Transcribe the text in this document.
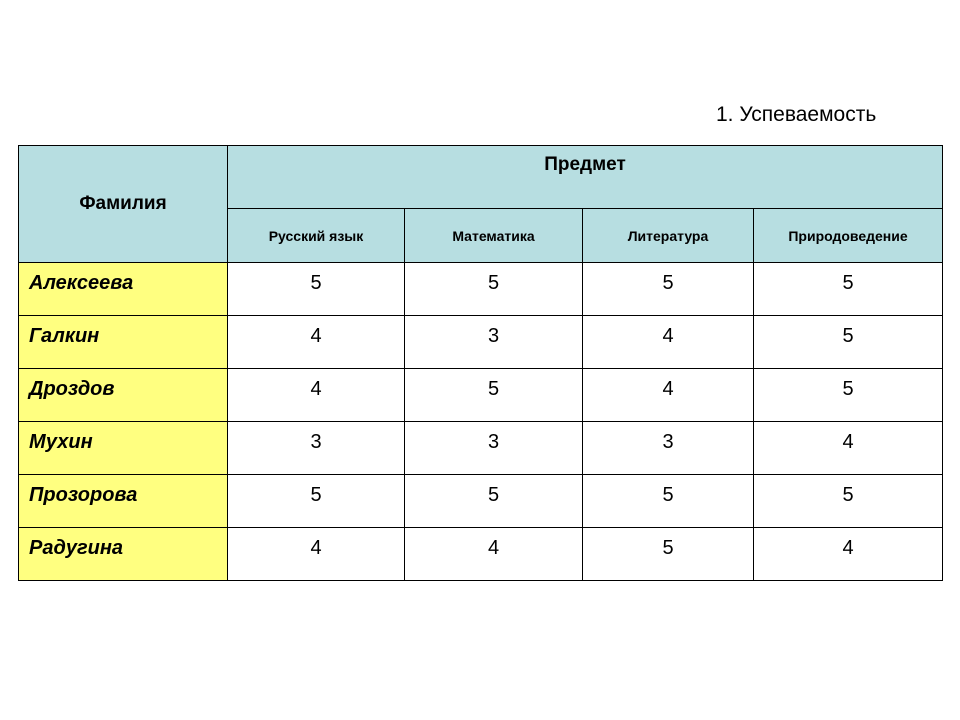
1. Успеваемость
Фамилия	Предмет			
	Русский язык	Математика	Литература	Природоведение
Алексеева	5	5	5	5
Галкин	4	3	4	5
Дроздов	4	5	4	5
Мухин	3	3	3	4
Прозорова	5	5	5	5
Радугина	4	4	5	4
